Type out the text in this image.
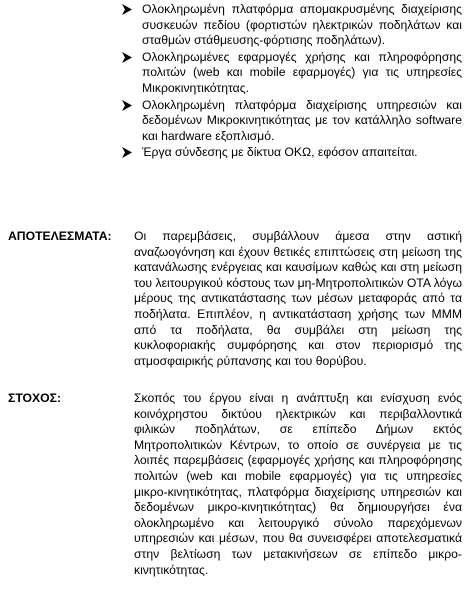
Ολοκληρωμένη πλατφόρμα απομακρυσμένης διαχείρισης συσκευών πεδίου (φορτιστών ηλεκτρικών ποδηλάτων και σταθμών στάθμευσης-φόρτισης ποδηλάτων).
Ολοκληρωμένες εφαρμογές χρήσης και πληροφόρησης πολιτών (web και mobile εφαρμογές) για τις υπηρεσίες Μικροκινητικότητας.
Ολοκληρωμένη πλατφόρμα διαχείρισης υπηρεσιών και δεδομένων Μικροκινητικότητας με τον κατάλληλο software και hardware εξοπλισμό.
Έργα σύνδεσης με δίκτυα ΟΚΩ, εφόσον απαιτείται.
ΑΠΟΤΕΛΕΣΜΑΤΑ: Οι παρεμβάσεις, συμβάλλουν άμεσα στην αστική αναζωογόνηση και έχουν θετικές επιπτώσεις στη μείωση της κατανάλωσης ενέργειας και καυσίμων καθώς και στη μείωση του λειτουργικού κόστους των μη-Μητροπολιτικών ΟΤΑ λόγω μέρους της αντικατάστασης των μέσων μεταφοράς από τα ποδήλατα. Επιπλέον, η αντικατάσταση χρήσης των ΜΜΜ από τα ποδήλατα, θα συμβάλει στη μείωση της κυκλοφοριακής συμφόρησης και στον περιορισμό της ατμοσφαιρικής ρύπανσης και του θορύβου.

ΣΤΟΧΟΣ:	Σκοπός του έργου είναι η ανάπτυξη και ενίσχυση ενός κοινόχρηστου δικτύου ηλεκτρικών και περιβαλλοντικά φιλικών ποδηλάτων, σε επίπεδο Δήμων εκτός Μητροπολιτικών Κέντρων, το οποίο σε συνέργεια με τις λοιπές παρεμβάσεις (εφαρμογές χρήσης και πληροφόρησης πολιτών (web και mobile εφαρμογές) για τις υπηρεσίες μικρο-κινητικότητας, πλατφόρμα διαχείρισης υπηρεσιών και δεδομένων μικρο-κινητικότητας) θα δημιουργήσει ένα ολοκληρωμένο και λειτουργικό σύνολο παρεχόμενων υπηρεσιών και μέσων, που θα συνεισφέρει αποτελεσματικά στην βελτίωση των μετακινήσεων σε επίπεδο μικρο-κινητικότητας.
